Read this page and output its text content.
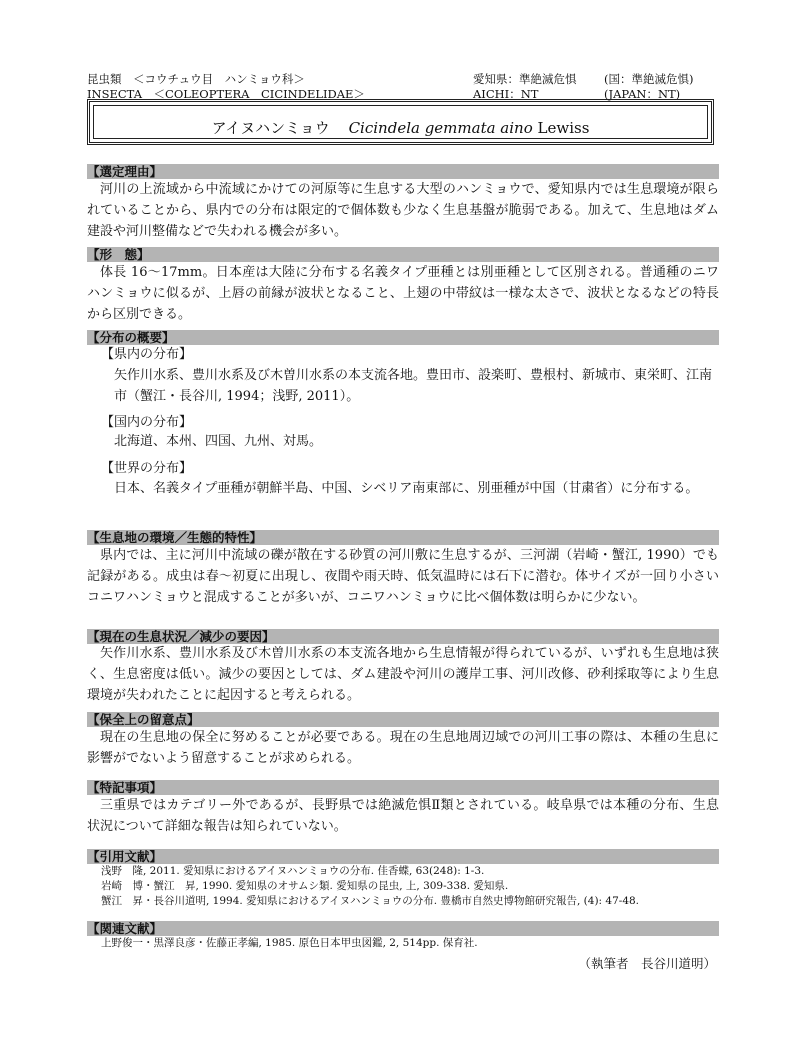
昆虫類　＜コウチュウ目　ハンミョウ科＞
INSECTA　＜COLEOPTERA　CICINDELIDAE＞
愛知県：準絶滅危惧
AICHI：NT
(国：準絶滅危惧)
(JAPAN：NT)
アイヌハンミョウ Cicindela gemmata aino Lewiss
【選定理由】
河川の上流域から中流域にかけての河原等に生息する大型のハンミョウで、愛知県内では生息環境が限られていることから、県内での分布は限定的で個体数も少なく生息基盤が脆弱である。加えて、生息地はダム建設や河川整備などで失われる機会が多い。
【形　態】
体長 16～17mm。日本産は大陸に分布する名義タイプ亜種とは別亜種として区別される。普通種のニワハンミョウに似るが、上唇の前縁が波状となること、上翅の中帯紋は一様な太さで、波状となるなどの特長から区別できる。
【分布の概要】
【県内の分布】
矢作川水系、豊川水系及び木曽川水系の本支流各地。豊田市、設楽町、豊根村、新城市、東栄町、江南市（蟹江・長谷川, 1994；浅野, 2011）。
【国内の分布】
北海道、本州、四国、九州、対馬。
【世界の分布】
日本、名義タイプ亜種が朝鮮半島、中国、シベリア南東部に、別亜種が中国（甘粛省）に分布する。
【生息地の環境／生態的特性】
県内では、主に河川中流域の礫が散在する砂質の河川敷に生息するが、三河湖（岩崎・蟹江, 1990）でも記録がある。成虫は春～初夏に出現し、夜間や雨天時、低気温時には石下に潜む。体サイズが一回り小さいコニワハンミョウと混成することが多いが、コニワハンミョウに比べ個体数は明らかに少ない。
【現在の生息状況／減少の要因】
矢作川水系、豊川水系及び木曽川水系の本支流各地から生息情報が得られているが、いずれも生息地は狭く、生息密度は低い。減少の要因としては、ダム建設や河川の護岸工事、河川改修、砂利採取等により生息環境が失われたことに起因すると考えられる。
【保全上の留意点】
現在の生息地の保全に努めることが必要である。現在の生息地周辺域での河川工事の際は、本種の生息に影響がでないよう留意することが求められる。
【特記事項】
三重県ではカテゴリー外であるが、長野県では絶滅危惧Ⅱ類とされている。岐阜県では本種の分布、生息状況について詳細な報告は知られていない。
【引用文献】
浅野　隆, 2011. 愛知県におけるアイヌハンミョウの分布. 佳香蝶, 63(248): 1-3.
岩崎　博・蟹江　昇, 1990. 愛知県のオサムシ類. 愛知県の昆虫, 上, 309-338. 愛知県.
蟹江　昇・長谷川道明, 1994. 愛知県におけるアイヌハンミョウの分布. 豊橋市自然史博物館研究報告, (4): 47-48.
【関連文献】
上野俊一・黒澤良彦・佐藤正孝編, 1985. 原色日本甲虫図鑑, 2, 514pp. 保育社.
（執筆者　長谷川道明）
